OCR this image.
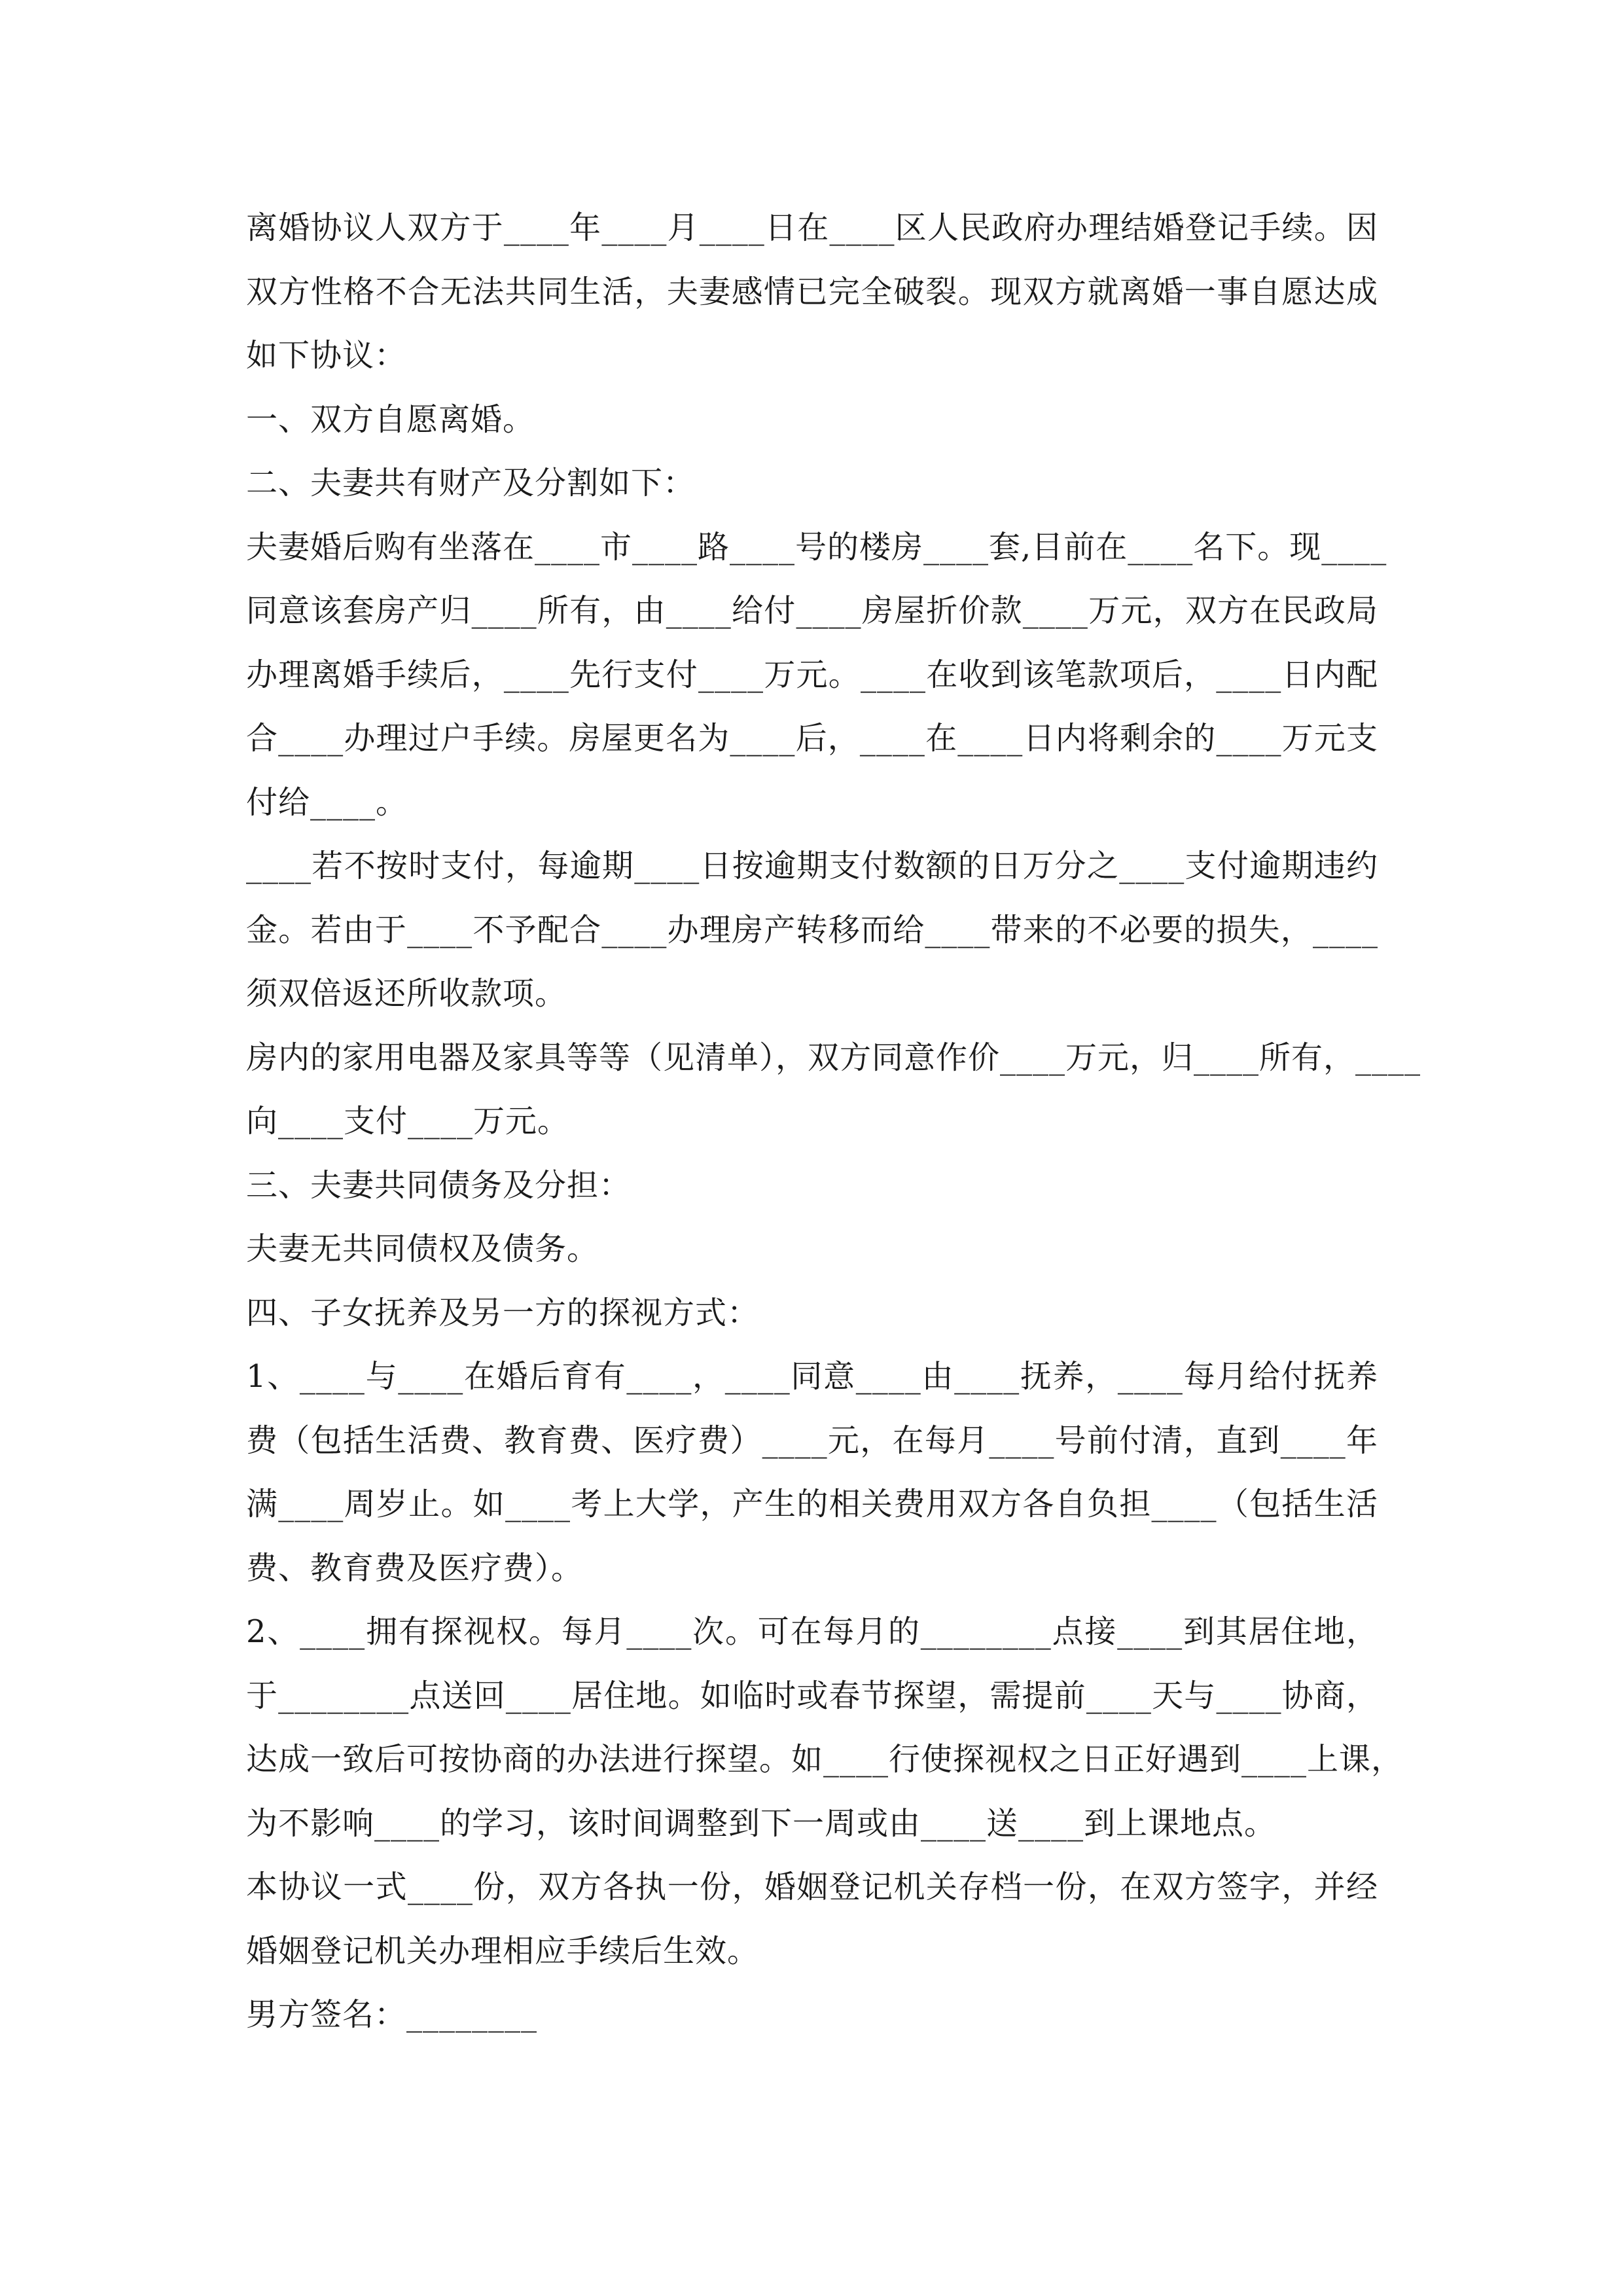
离婚协议人双方于____年____月____日在____区人民政府办理结婚登记手续。因
双方性格不合无法共同生活，夫妻感情已完全破裂。现双方就离婚一事自愿达成
如下协议：
一、双方自愿离婚。
二、夫妻共有财产及分割如下：
夫妻婚后购有坐落在____市____路____号的楼房____套,目前在____名下。现____
同意该套房产归____所有，由____给付____房屋折价款____万元，双方在民政局
办理离婚手续后，____先行支付____万元。____在收到该笔款项后，____日内配
合____办理过户手续。房屋更名为____后，____在____日内将剩余的____万元支
付给____。
____若不按时支付，每逾期____日按逾期支付数额的日万分之____支付逾期违约
金。若由于____不予配合____办理房产转移而给____带来的不必要的损失，____
须双倍返还所收款项。
房内的家用电器及家具等等（见清单），双方同意作价____万元，归____所有，____
向____支付____万元。
三、夫妻共同债务及分担：
夫妻无共同债权及债务。
四、子女抚养及另一方的探视方式：
1、____与____在婚后育有____，____同意____由____抚养，____每月给付抚养
费（包括生活费、教育费、医疗费）____元，在每月____号前付清，直到____年
满____周岁止。如____考上大学，产生的相关费用双方各自负担____（包括生活
费、教育费及医疗费）。
2、____拥有探视权。每月____次。可在每月的________点接____到其居住地，
于________点送回____居住地。如临时或春节探望，需提前____天与____协商，
达成一致后可按协商的办法进行探望。如____行使探视权之日正好遇到____上课，
为不影响____的学习，该时间调整到下一周或由____送____到上课地点。
本协议一式____份，双方各执一份，婚姻登记机关存档一份，在双方签字，并经
婚姻登记机关办理相应手续后生效。
男方签名：________
